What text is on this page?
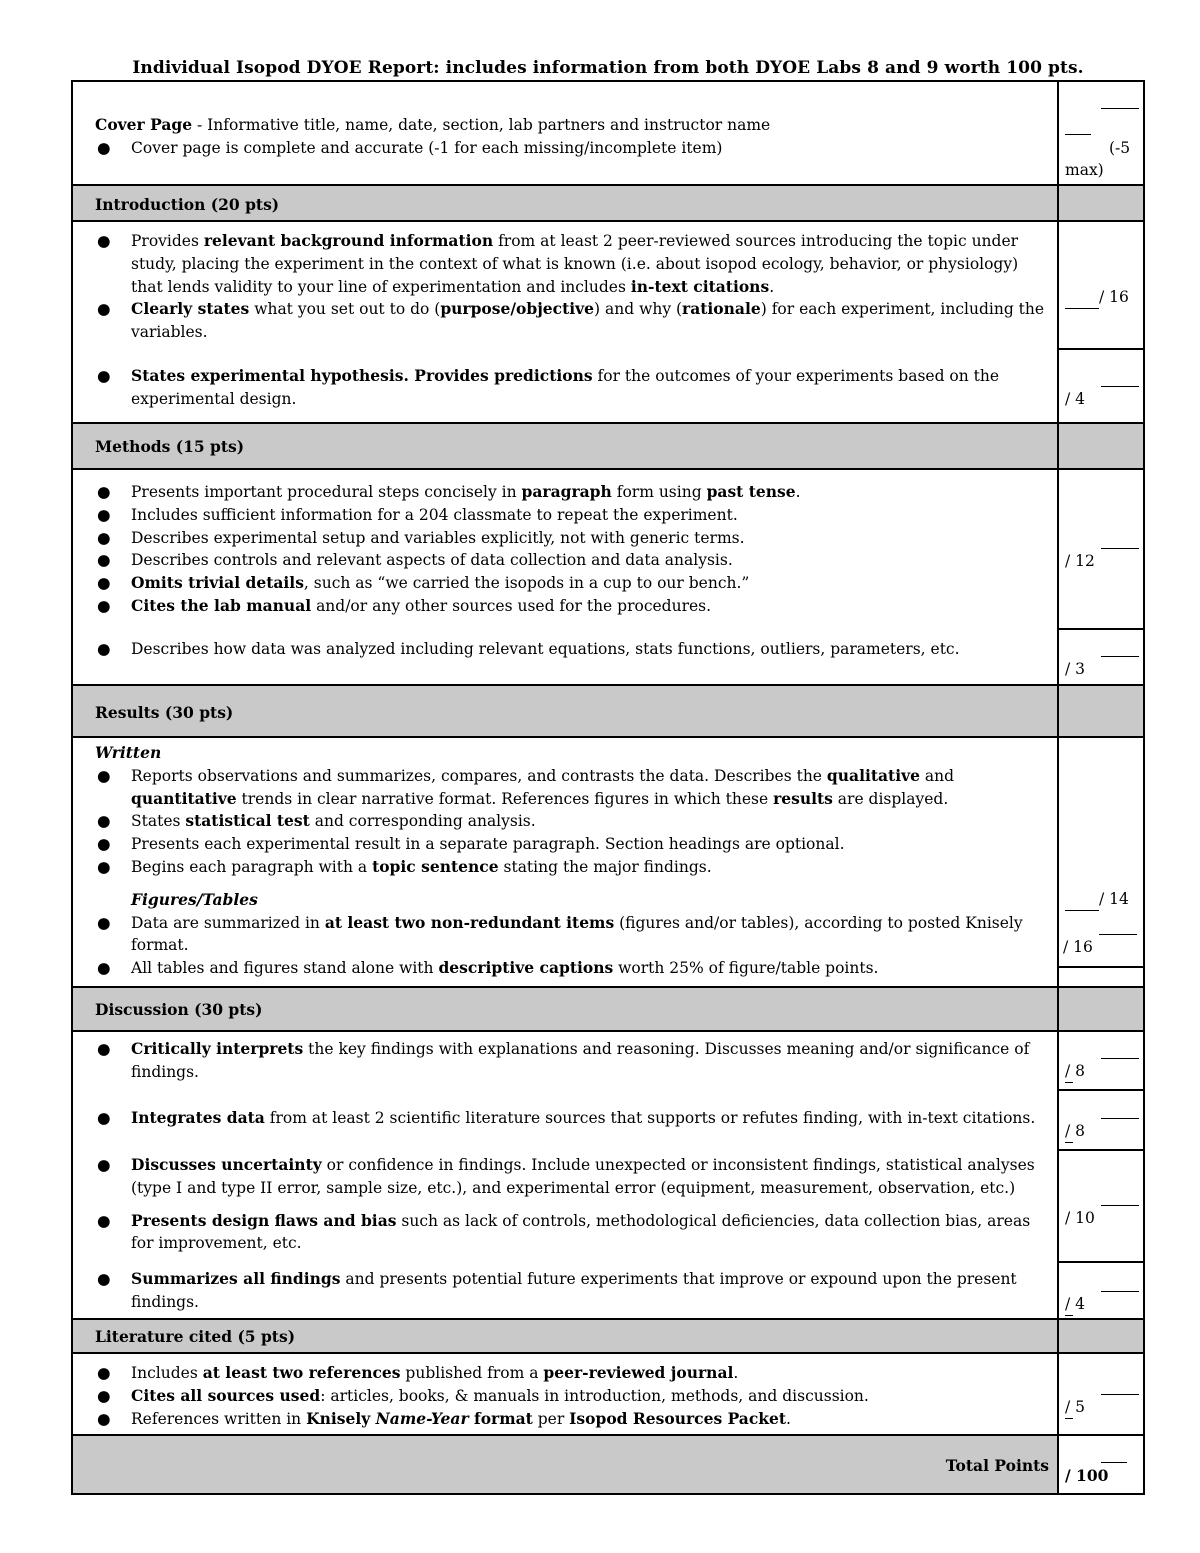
Individual Isopod DYOE Report: includes information from both DYOE Labs 8 and 9 worth 100 pts.
Cover Page - Informative title, name, date, section, lab partners and instructor name
● Cover page is complete and accurate (-1 for each missing/incomplete item)	(-5 max)
Introduction (20 pts)
● Provides relevant background information from at least 2 peer-reviewed sources introducing the topic under study, placing the experiment in the context of what is known (i.e. about isopod ecology, behavior, or physiology) that lends validity to your line of experimentation and includes in-text citations.
● Clearly states what you set out to do (purpose/objective) and why (rationale) for each experiment, including the variables.
● States experimental hypothesis. Provides predictions for the outcomes of your experiments based on the experimental design.
/ 16
/ 4
Methods (15 pts)
● Presents important procedural steps concisely in paragraph form using past tense.
● Includes sufficient information for a 204 classmate to repeat the experiment.
● Describes experimental setup and variables explicitly, not with generic terms.
● Describes controls and relevant aspects of data collection and data analysis.
● Omits trivial details, such as “we carried the isopods in a cup to our bench.”
● Cites the lab manual and/or any other sources used for the procedures.
● Describes how data was analyzed including relevant equations, stats functions, outliers, parameters, etc.
/ 12
/ 3
Results (30 pts)
Written
● Reports observations and summarizes, compares, and contrasts the data. Describes the qualitative and quantitative trends in clear narrative format. References figures in which these results are displayed.
● States statistical test and corresponding analysis.
● Presents each experimental result in a separate paragraph. Section headings are optional.
● Begins each paragraph with a topic sentence stating the major findings.
Figures/Tables
● Data are summarized in at least two non-redundant items (figures and/or tables), according to posted Knisely format.
● All tables and figures stand alone with descriptive captions worth 25% of figure/table points.
/ 14
/ 16
Discussion (30 pts)
● Critically interprets the key findings with explanations and reasoning. Discusses meaning and/or significance of findings.
● Integrates data from at least 2 scientific literature sources that supports or refutes finding, with in-text citations.
● Discusses uncertainty or confidence in findings. Include unexpected or inconsistent findings, statistical analyses (type I and type II error, sample size, etc.), and experimental error (equipment, measurement, observation, etc.)
● Presents design flaws and bias such as lack of controls, methodological deficiencies, data collection bias, areas for improvement, etc.
● Summarizes all findings and presents potential future experiments that improve or expound upon the present findings.
/ 8
/ 8
/ 10
/ 4
Literature cited (5 pts)
● Includes at least two references published from a peer-reviewed journal.
● Cites all sources used: articles, books, & manuals in introduction, methods, and discussion.
● References written in Knisely Name-Year format per Isopod Resources Packet.
/ 5
Total Points
/ 100
